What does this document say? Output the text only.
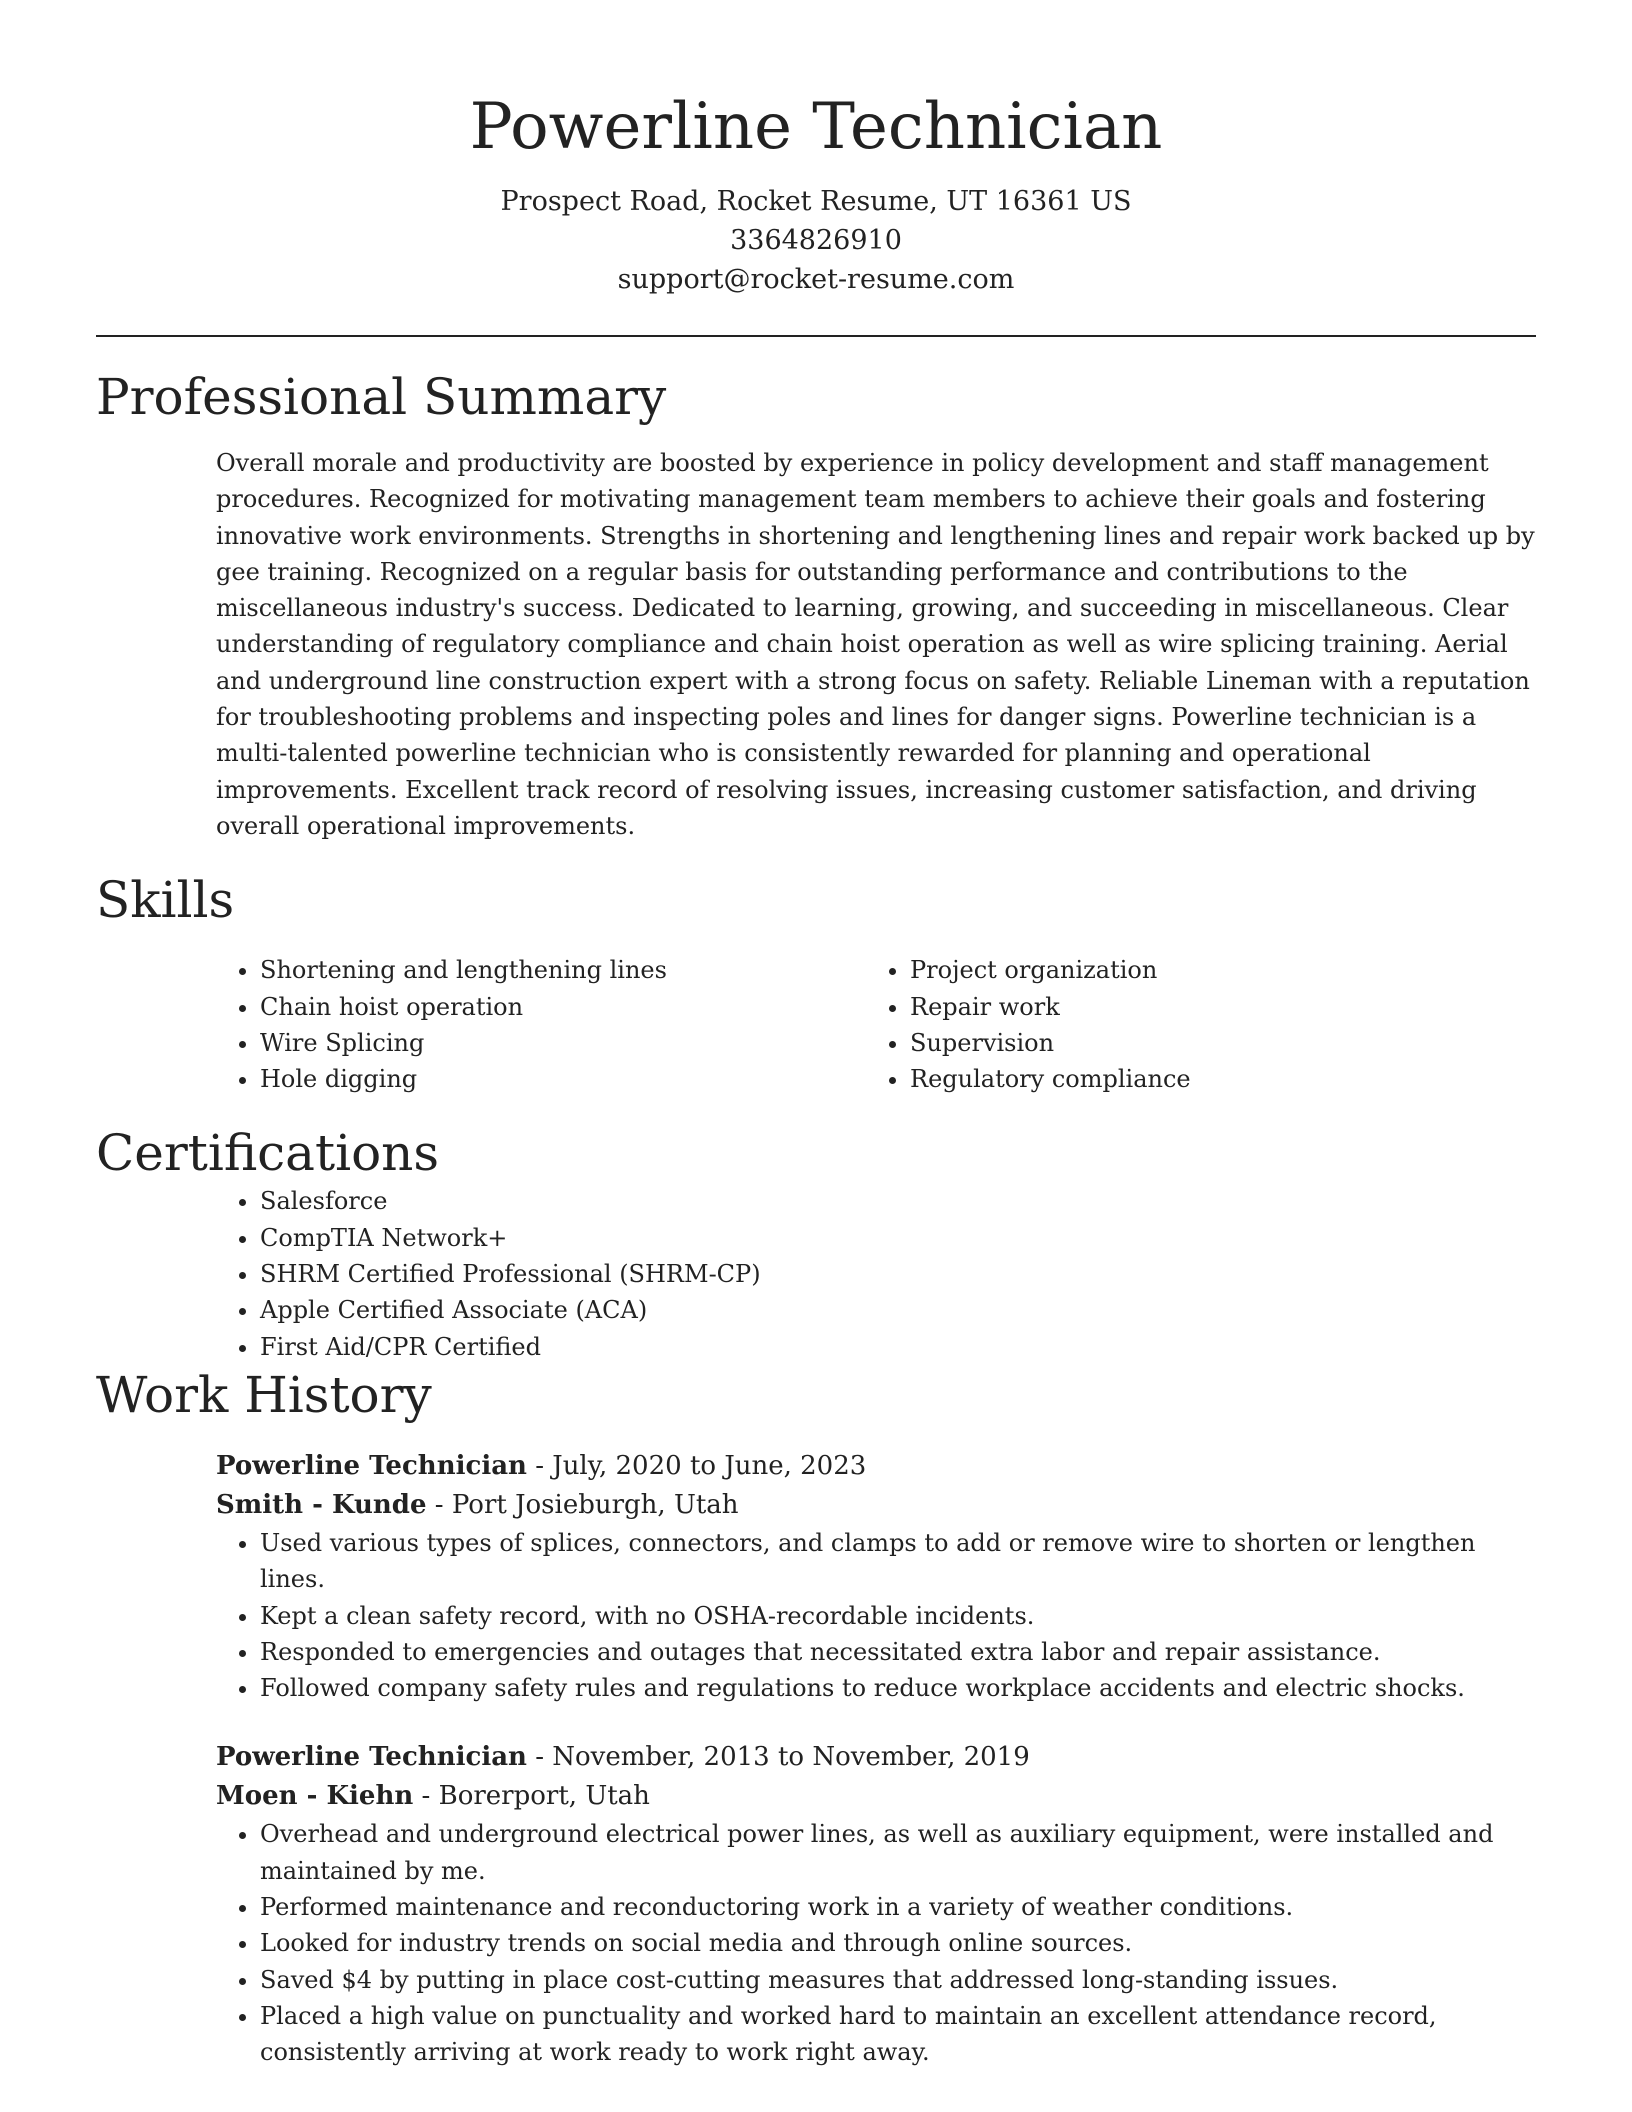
Powerline Technician
Prospect Road, Rocket Resume, UT 16361 US
3364826910
support@rocket-resume.com
Professional Summary

Overall morale and productivity are boosted by experience in policy development and staff management procedures. Recognized for motivating management team members to achieve their goals and fostering innovative work environments. Strengths in shortening and lengthening lines and repair work backed up by gee training. Recognized on a regular basis for outstanding performance and contributions to the miscellaneous industry's success. Dedicated to learning, growing, and succeeding in miscellaneous. Clear understanding of regulatory compliance and chain hoist operation as well as wire splicing training. Aerial and underground line construction expert with a strong focus on safety. Reliable Lineman with a reputation for troubleshooting problems and inspecting poles and lines for danger signs. Powerline technician is a multi-talented powerline technician who is consistently rewarded for planning and operational improvements. Excellent track record of resolving issues, increasing customer satisfaction, and driving overall operational improvements.

Skills
• Shortening and lengthening lines
• Chain hoist operation
• Wire Splicing
• Hole digging
• Project organization
• Repair work
• Supervision
• Regulatory compliance
Certifications
• Salesforce
• CompTIA Network+
• SHRM Certified Professional (SHRM-CP)
• Apple Certified Associate (ACA)
• First Aid/CPR Certified
Work History
Powerline Technician - July, 2020 to June, 2023
Smith - Kunde - Port Josieburgh, Utah
• Used various types of splices, connectors, and clamps to add or remove wire to shorten or lengthen lines.
• Kept a clean safety record, with no OSHA-recordable incidents.
• Responded to emergencies and outages that necessitated extra labor and repair assistance.
• Followed company safety rules and regulations to reduce workplace accidents and electric shocks.
Powerline Technician - November, 2013 to November, 2019
Moen - Kiehn - Borerport, Utah
• Overhead and underground electrical power lines, as well as auxiliary equipment, were installed and maintained by me.
• Performed maintenance and reconductoring work in a variety of weather conditions.
• Looked for industry trends on social media and through online sources.
• Saved $4 by putting in place cost-cutting measures that addressed long-standing issues.
• Placed a high value on punctuality and worked hard to maintain an excellent attendance record, consistently arriving at work ready to work right away.
